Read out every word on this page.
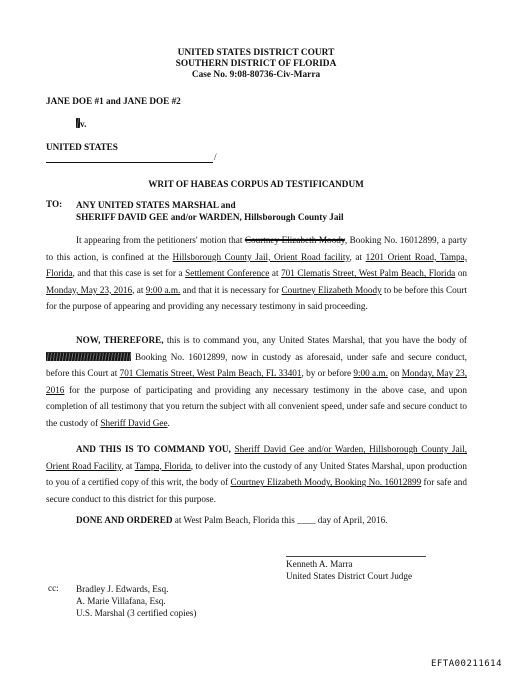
UNITED STATES DISTRICT COURT
SOUTHERN DISTRICT OF FLORIDA
Case No. 9:08-80736-Civ-Marra
JANE DOE #1 and JANE DOE #2
v.
UNITED STATES
/
WRIT OF HABEAS CORPUS AD TESTIFICANDUM
TO: ANY UNITED STATES MARSHAL and
SHERIFF DAVID GEE and/or WARDEN, Hillsborough County Jail
It appearing from the petitioners' motion that Courtney Elizabeth Moody, Booking No. 16012899, a party to this action, is confined at the Hillsborough County Jail, Orient Road facility, at 1201 Orient Road, Tampa, Florida, and that this case is set for a Settlement Conference at 701 Clematis Street, West Palm Beach, Florida on Monday, May 23, 2016, at 9:00 a.m. and that it is necessary for Courtney Elizabeth Moody to be before this Court for the purpose of appearing and providing any necessary testimony in said proceeding.
NOW, THEREFORE, this is to command you, any United States Marshal, that you have the body of  Booking No. 16012899, now in custody as aforesaid, under safe and secure conduct, before this Court at 701 Clematis Street, West Palm Beach, FL 33401, by or before 9:00 a.m. on Monday, May 23, 2016 for the purpose of participating and providing any necessary testimony in the above case, and upon completion of all testimony that you return the subject with all convenient speed, under safe and secure conduct to the custody of Sheriff David Gee.
AND THIS IS TO COMMAND YOU, Sheriff David Gee and/or Warden, Hillsborough County Jail, Orient Road Facility, at Tampa, Florida, to deliver into the custody of any United States Marshal, upon production to you of a certified copy of this writ, the body of Courtney Elizabeth Moody, Booking No. 16012899 for safe and secure conduct to this district for this purpose.
DONE AND ORDERED at West Palm Beach, Florida this ____ day of April, 2016.
Kenneth A. Marra
United States District Court Judge
cc: Bradley J. Edwards, Esq.
A. Marie Villafana, Esq.
U.S. Marshal (3 certified copies)
EFTA00211614
